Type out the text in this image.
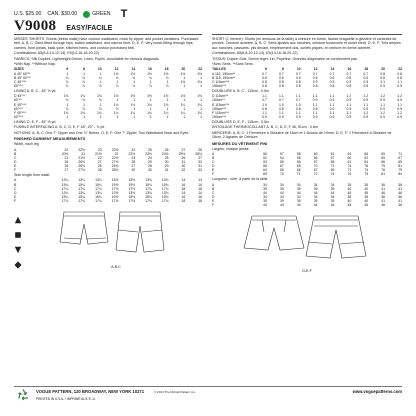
U.S. $25.00 CAN. $30.00	GREEN T
V9008 EASY/FACILE
MISSES' SHORTS: Shorts (below waist) have contour waistband, mock fly zipper, and pocket variations. Purchased belt. A, B, C: Semi-fitted through hips, button waistband, and narrow hem. D, E, F: Very loose-fitting through hips, carriers, front pleats, back yoke, stitched hems, and contour purchased belt.
Combinations: A5(6-8-10-12-14), E5(14-16-18-20-22)
FABRICS: Silk Dupioni, Lightweight Denim, Linen, Poplin. Unsuitable for obvious diagonals.
*With Nap. **Without Nap.
SIZES	6	8	10	12	14	16	18	20	22
A 45" 60"**	1	1	1	1½	1½	1½	1½	1½	1½
B 45" 60"**	¾	¾	¾	¾	¾	¾	¾	1	1
C 45"***	⅞	⅞	1	1	1	1	1	1⅛	1⅛
60"***	⅞	⅞	⅞	⅞	⅞	⅞	⅞	1	1
LINING A, B, C - 45" ½ yd.
D 45"**	1⅛	1⅛	1⅛	1⅛	1½	1½	1½	1½	1½
60"**	¾	¾	¾	1	1	1	1	1	1
E 45"***	1	1	1	1⅛	1⅛	1⅛	1⅛	1¼	1¼
60"***	⅞	⅞	⅞	⅞	1	1	1	1	1
F 45"***	1⅛	1⅛	1⅛	1¼	1¼	1¼	1¼	1¼	1¼
60"***	1	1	1	1	1	1	1	1	1
LINING D, E, F - 45" ½ yd.
FUSIBLE INTERFACING A, B, C, D, E, F 18", 20" - ⅞ yd.
NOTIONS: A, B, C: One 7" Zipper and One ⅞" Button. D, E, F: One 7" Zipper, Two Waistband Hook and Eyes.
FINISHED GARMENT MEASUREMENTS
Width, each leg
A	22	22½	23	23½	24	25	26	27	28
B	20½	21	21½	22	22½	23½	24½	25½	26½
C	21	21½	22	22½	23	24	25	26	27
D	26	26½	27	27½	28	29	30	31	32
E	25	25½	26	26½	27	28	29	30	31
F	27	27½	28	28½	29	30	31	32	33
Side length from waist
A	13¼	13¼	13¼	13½	13½	13¾	13¾	14	14
B	15¼	15¼	15¼	15½	15½	15¾	15¾	16	16
C	17¼	17¼	17¼	17½	17½	17¾	17¾	18	18
D	13¼	13¼	13¼	13½	13½	13¾	13¾	14	14
E	15¼	15¼	15¼	15½	15½	15¾	15¾	16	16
F	17¼	17¼	17¼	17½	17½	17¾	17¾	18	18
A-B-C
SHORT (J. femme): Shorts (en dessous de la taille) à ceinture en forme, fausse braguette à glissière et variantes de poches. Ceinture achetée. A, B, C: Semi-ajustés aux hanches, ceinture boutonnée et ourlet étroit. D, E, F: Très amples aux hanches, passants, plis devant, empiècement dos, ourlets piqués, et ceinture en forme achetée.
Combinaisons: A5(6-8-10-12-14), E5(14-16-18-20-22)
TISSUS: Dupion Soie, Denim léger, Lin, Popeline. Grandes diagonales ne conviennent pas.
*Avec Sens. **Sans Sens.
TAILLES	6	8	10	12	14	16	18	20	22
A 115, 150cm**	0.7	0.7	0.7	0.7	0.7	0.7	0.7	0.8	0.8
B 115, 150cm**	0.6	0.6	0.6	0.6	0.6	0.6	0.6	0.8	0.8
C 115cm***	0.8	0.8	0.8	0.9	0.9	0.9	0.9	1.1	1.1
150cm***	0.8	0.8	0.8	0.8	0.8	0.8	0.8	0.9	0.9
DOUBLURE A, B, C - 115cm - 0.5m
D 115cm**	1.1	1.1	1.1	1.1	1.1	1.2	1.2	1.2	1.2
150cm**	0.7	0.7	0.7	0.9	0.9	0.9	0.9	0.9	0.9
E 115cm***	1.0	1.0	1.0	1.1	1.1	1.1	1.1	1.1	1.1
150cm***	0.8	0.8	0.8	0.8	0.9	0.9	0.9	0.9	0.9
F 115cm***	1.1	1.1	1.1	1.1	1.1	1.1	1.2	1.2	1.2
150cm***	0.9	0.9	0.9	0.9	0.9	0.9	0.9	0.9	0.9
DOUBLURE D, E, F - 115cm - 0.5m
ENTOILAGE THERMOCOLLANT A, B, C, D, E, F 46, 51cm - 0.6m
MERCERIE: A, B, C: 1 Fermeture à Glissière de 18cm et 1 Bouton de 19mm. D, E, F: 1 Fermeture à Glissière de 18cm, 2 Agrafes de Ceinture.
MESURES DU VÊTEMENT FINI
Largeur, chaque jambe
A	56	57	58	60	61	64	66	69	71
B	52	54	55	56	57	60	62	65	67
C	53	55	56	57	58	61	64	66	69
D	66	67	69	70	71	74	76	79	81
E	64	65	66	67	69	71	74	76	79
F	69	70	71	72	74	76	79	81	84
Longueur - côté, à partir de la taille
A	34	34	34	34	34	35	35	36	36
B	39	39	39	39	39	40	40	41	41
C	44	44	44	44	44	45	45	46	46
D	34	34	34	34	34	35	35	36	36
E	39	39	39	39	39	40	40	41	41
F	44	44	44	44	44	45	45	46	46
D-E-F
VOGUE PATTERN, 120 BROADWAY, NEW YORK 10271	© 2014 The McCall Pattern Co.	www.voguepatterns.com
PRINTED IN U.S.A. / IMPRIMÉ AUX É.-U.
